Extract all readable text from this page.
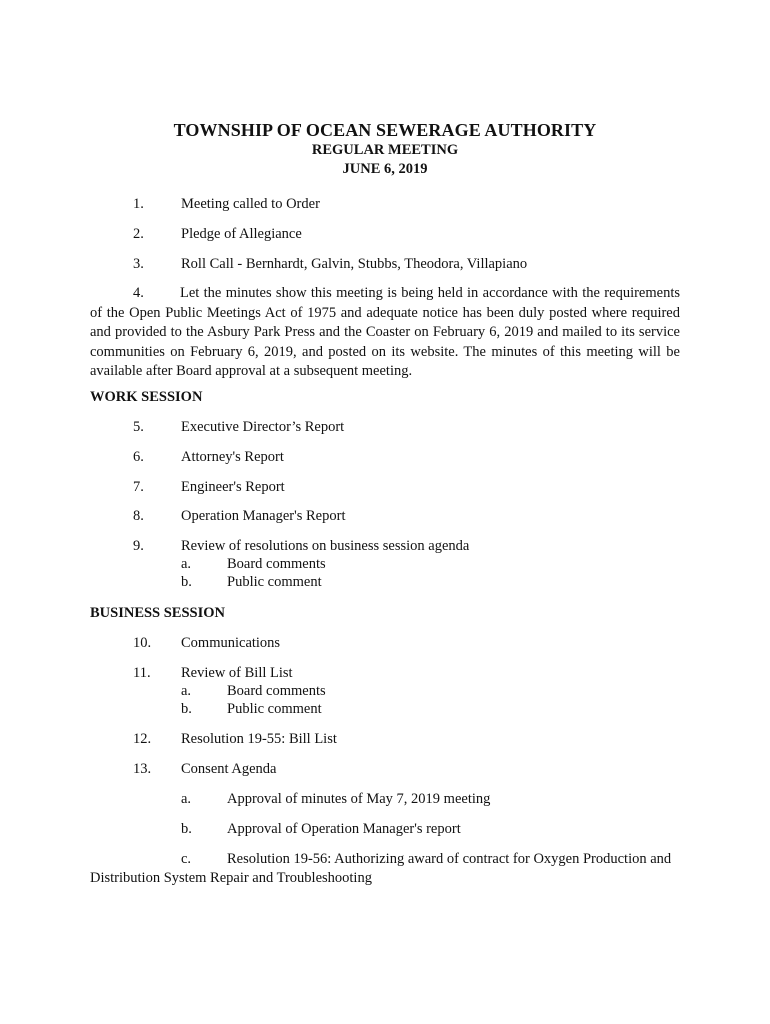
TOWNSHIP OF OCEAN SEWERAGE AUTHORITY
REGULAR MEETING
JUNE 6, 2019
1.	Meeting called to Order
2.	Pledge of Allegiance
3.	Roll Call - Bernhardt, Galvin, Stubbs, Theodora, Villapiano
4. Let the minutes show this meeting is being held in accordance with the requirements of the Open Public Meetings Act of 1975 and adequate notice has been duly posted where required and provided to the Asbury Park Press and the Coaster on February 6, 2019 and mailed to its service communities on February 6, 2019, and posted on its website. The minutes of this meeting will be available after Board approval at a subsequent meeting.
WORK SESSION
5.	Executive Director’s Report
6.	Attorney's Report
7.	Engineer's Report
8.	Operation Manager's Report
9.	Review of resolutions on business session agenda
a. Board comments
b. Public comment
BUSINESS SESSION
10. Communications
11. Review of Bill List
a. Board comments
b. Public comment
12. Resolution 19-55: Bill List
13. Consent Agenda
a. Approval of minutes of May 7, 2019 meeting
b. Approval of Operation Manager's report
c. Resolution 19-56: Authorizing award of contract for Oxygen Production and Distribution System Repair and Troubleshooting
